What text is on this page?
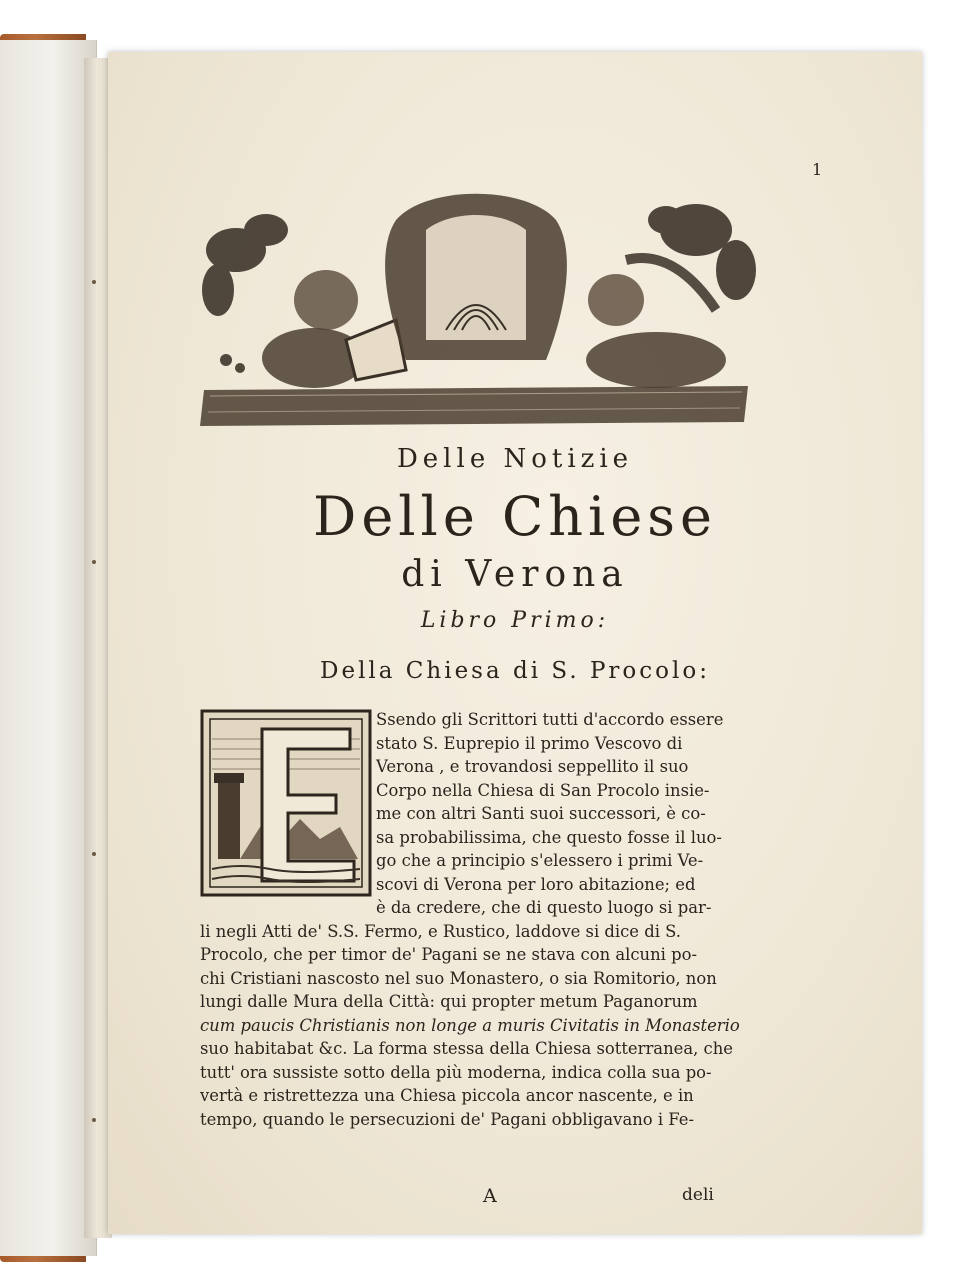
1
Delle Notizie
Delle Chiese
di Verona
Libro Primo:
Della Chiesa di S. Procolo:

Ssendo gli Scrittori tutti d'accordo essere
stato S. Euprepio il primo Vescovo di
Verona , e trovandosi seppellito il suo
Corpo nella Chiesa di San Procolo insie-
me con altri Santi suoi successori, è co-
sa probabilissima, che questo fosse il luo-
go che a principio s'elessero i primi Ve-
scovi di Verona per loro abitazione; ed

è da credere, che di questo luogo si par-
li negli Atti de' S.S. Fermo, e Rustico, laddove si dice di S.
Procolo, che per timor de' Pagani se ne stava con alcuni po-
chi Cristiani nascosto nel suo Monastero, o sia Romitorio, non
lungi dalle Mura della Città: qui propter metum Paganorum
cum paucis Christianis non longe a muris Civitatis in Monasterio
suo habitabat &c. La forma stessa della Chiesa sotterranea, che
tutt' ora sussiste sotto della più moderna, indica colla sua po-
vertà e ristrettezza una Chiesa piccola ancor nascente, e in
tempo, quando le persecuzioni de' Pagani obbligavano i Fe-

A	deli
